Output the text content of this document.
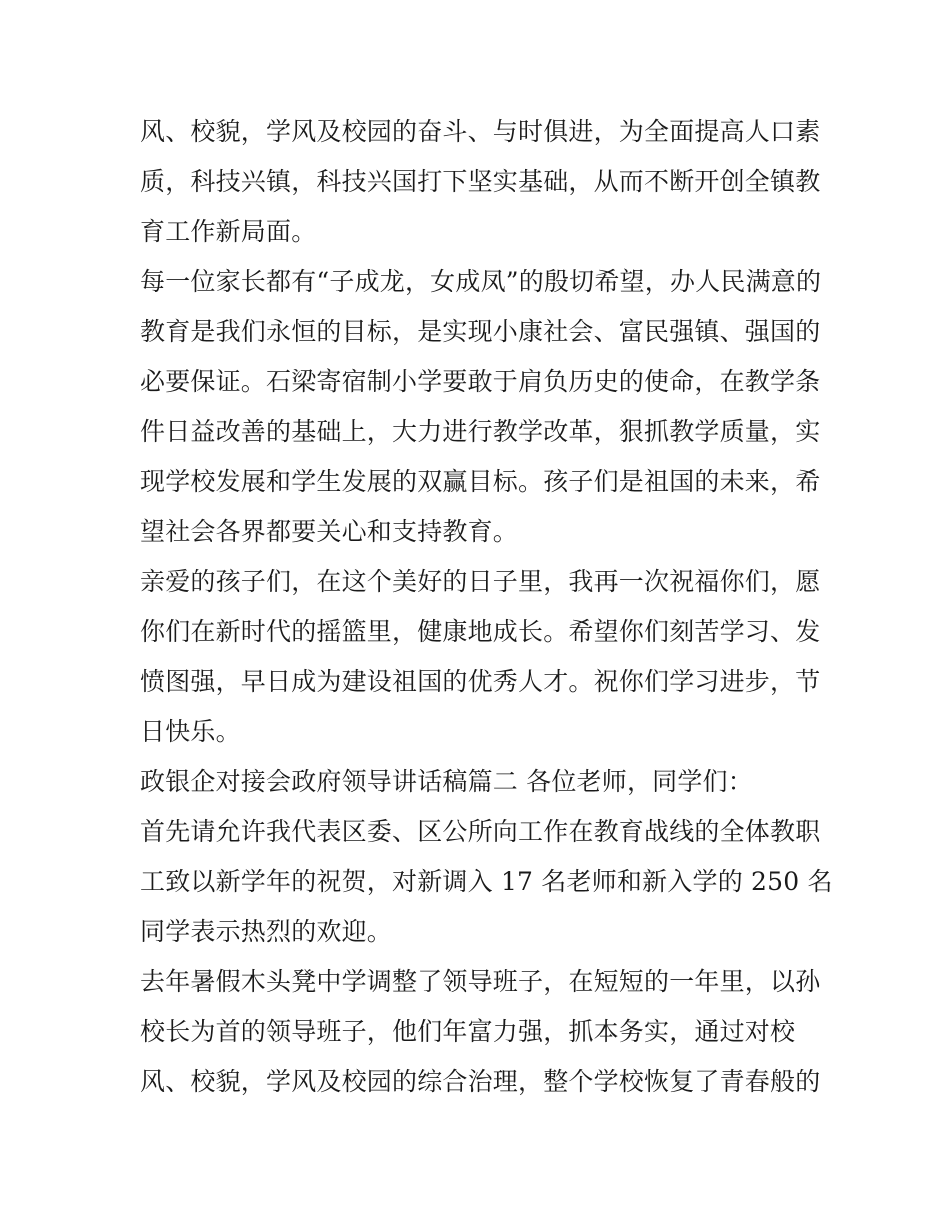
风、校貌，学风及校园的奋斗、与时俱进，为全面提高人口素
质，科技兴镇，科技兴国打下坚实基础，从而不断开创全镇教
育工作新局面。
每一位家长都有“子成龙，女成凤”的殷切希望，办人民满意的
教育是我们永恒的目标，是实现小康社会、富民强镇、强国的
必要保证。石梁寄宿制小学要敢于肩负历史的使命，在教学条
件日益改善的基础上，大力进行教学改革，狠抓教学质量，实
现学校发展和学生发展的双赢目标。孩子们是祖国的未来，希
望社会各界都要关心和支持教育。
亲爱的孩子们，在这个美好的日子里，我再一次祝福你们，愿
你们在新时代的摇篮里，健康地成长。希望你们刻苦学习、发
愤图强，早日成为建设祖国的优秀人才。祝你们学习进步，节
日快乐。
政银企对接会政府领导讲话稿篇二 各位老师，同学们：
首先请允许我代表区委、区公所向工作在教育战线的全体教职
工致以新学年的祝贺，对新调入 17 名老师和新入学的 250 名
同学表示热烈的欢迎。
去年暑假木头凳中学调整了领导班子，在短短的一年里，以孙
校长为首的领导班子，他们年富力强，抓本务实，通过对校
风、校貌，学风及校园的综合治理，整个学校恢复了青春般的
